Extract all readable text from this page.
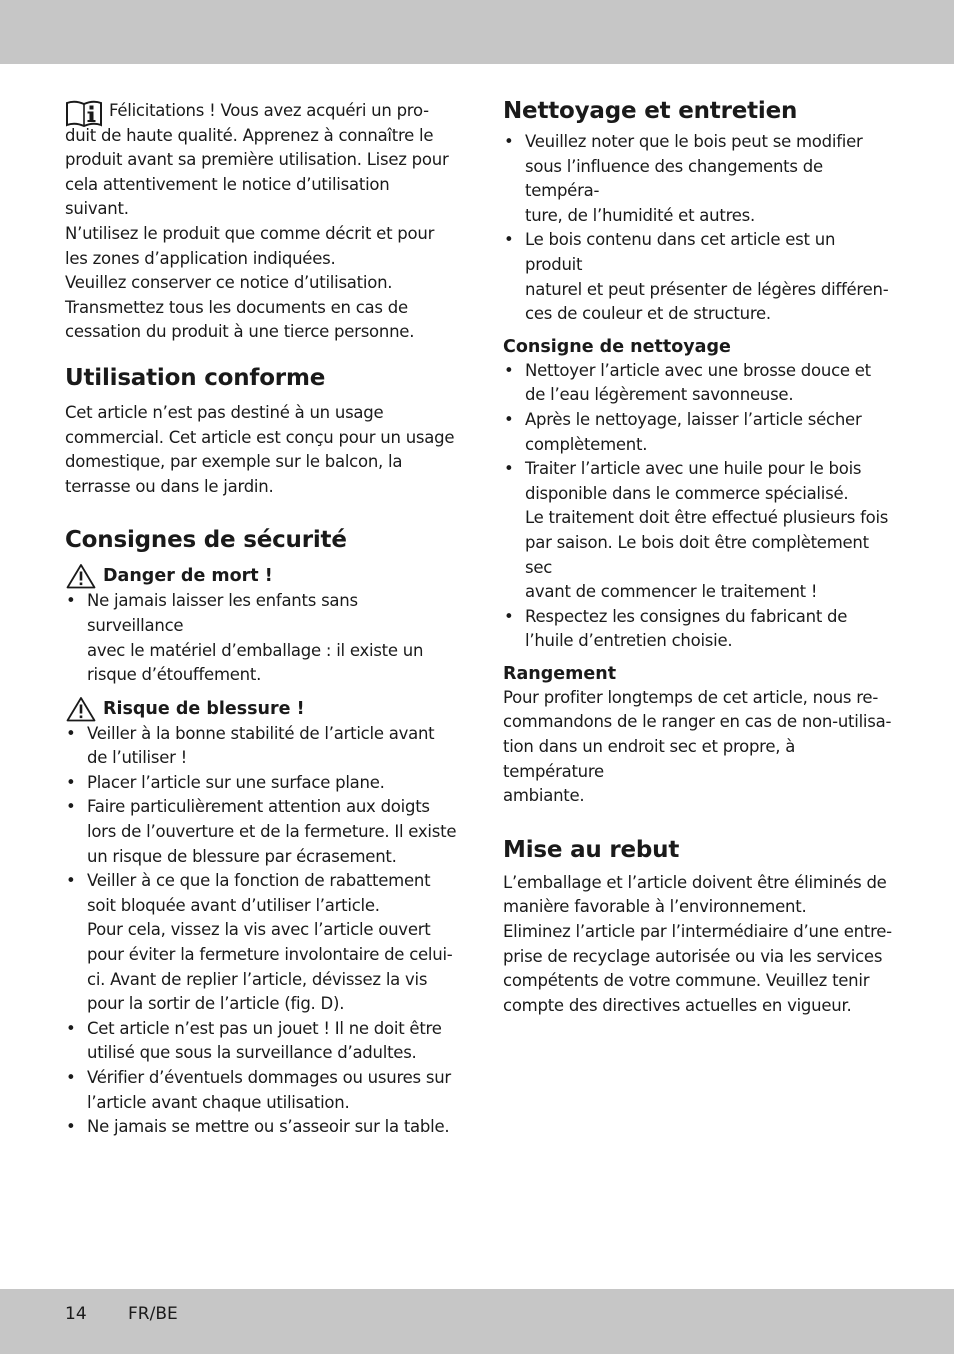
Félicitations ! Vous avez acquéri un pro-
duit de haute qualité. Apprenez à connaître le
produit avant sa première utilisation. Lisez pour
cela attentivement le notice d’utilisation suivant.
N’utilisez le produit que comme décrit et pour
les zones d’application indiquées.
Veuillez conserver ce notice d’utilisation.
Transmettez tous les documents en cas de
cessation du produit à une tierce personne.

Utilisation conforme

Cet article n’est pas destiné à un usage
commercial. Cet article est conçu pour un usage
domestique, par exemple sur le balcon, la
terrasse ou dans le jardin.

Consignes de sécurité
Danger de mort !
• Ne jamais laisser les enfants sans surveillance
avec le matériel d’emballage : il existe un
risque d’étouffement.
Risque de blessure !
• Veiller à la bonne stabilité de l’article avant
de l’utiliser !
• Placer l’article sur une surface plane.
• Faire particulièrement attention aux doigts
lors de l’ouverture et de la fermeture. Il existe
un risque de blessure par écrasement.
• Veiller à ce que la fonction de rabattement
soit bloquée avant d’utiliser l’article.
Pour cela, vissez la vis avec l’article ouvert
pour éviter la fermeture involontaire de celui-
ci. Avant de replier l’article, dévissez la vis
pour la sortir de l’article (fig. D).
• Cet article n’est pas un jouet ! Il ne doit être
utilisé que sous la surveillance d’adultes.
• Vérifier d’éventuels dommages ou usures sur
l’article avant chaque utilisation.
• Ne jamais se mettre ou s’asseoir sur la table.
Nettoyage et entretien
• Veuillez noter que le bois peut se modifier
sous l’influence des changements de tempéra-
ture, de l’humidité et autres.
• Le bois contenu dans cet article est un produit
naturel et peut présenter de légères différen-
ces de couleur et de structure.
Consigne de nettoyage
• Nettoyer l’article avec une brosse douce et
de l’eau légèrement savonneuse.
• Après le nettoyage, laisser l’article sécher
complètement.
• Traiter l’article avec une huile pour le bois
disponible dans le commerce spécialisé.
Le traitement doit être effectué plusieurs fois
par saison. Le bois doit être complètement sec
avant de commencer le traitement !
• Respectez les consignes du fabricant de
l’huile d’entretien choisie.
Rangement

Pour profiter longtemps de cet article, nous re-
commandons de le ranger en cas de non-utilisa-
tion dans un endroit sec et propre, à température
ambiante.

Mise au rebut

L’emballage et l’article doivent être éliminés de
manière favorable à l’environnement.
Eliminez l’article par l’intermédiaire d’une entre-
prise de recyclage autorisée ou via les services
compétents de votre commune. Veuillez tenir
compte des directives actuelles en vigueur.

14 FR/BE
